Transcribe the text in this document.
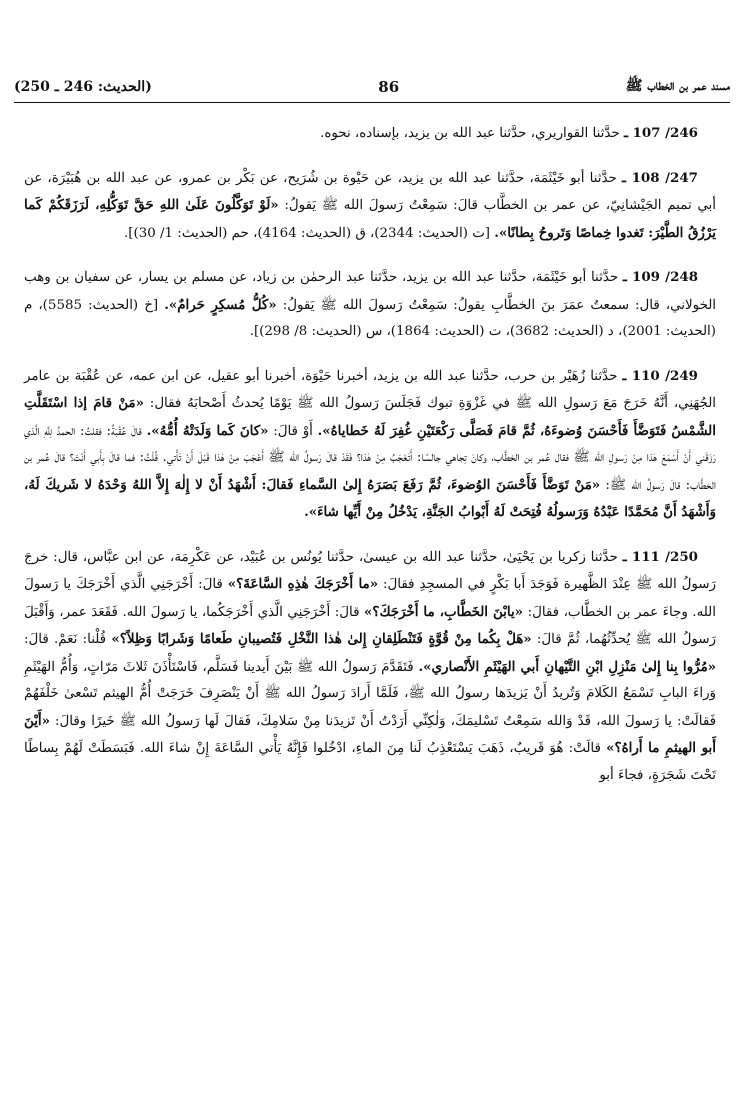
مسند عمر بن الخطاب ﷺ
86
(الحديث: 246 ـ 250)

246/ 107 ـ حدَّثنا القواريري، حدَّثنا عبد الله بن يزيد، بإسناده، نحوه.

247/ 108 ـ حدَّثنا أبو خَيْثَمَة، حدَّثنا عبد الله بن يزيد، عن حَيْوة بن شُرَيح، عن بَكْر بن عمرو، عن عبد الله بن هُبَيْرَة، عن أبي تميم الجَيْشانِيّ، عن عمر بن الخطَّاب قالَ: سَمِعْتُ رَسولَ الله ﷺ يَقولُ: «لَوْ تَوَكَّلُونَ عَلَىٰ اللهِ حَقَّ تَوَكُّلِهِ، لَرَزَقَكُمْ كَما يَرْزُقُ الطَّيْرَ: تَغدوا خِماصًا وَتَروحُ بِطانًا». [ت (الحديث: 2344)، ق (الحديث: 4164)، حم (الحديث: 1/ 30)].

248/ 109 ـ حدَّثنا أبو خَيْثَمَة، حدَّثنا عبد الله بن يزيد، حدَّثنا عبد الرحمٰن بن زياد، عن مسلم بن يسار، عن سفيان بن وهب الخولاني، قال: سمعتُ عمَرَ بنَ الخطَّابِ يقولُ: سَمِعْتُ رَسولَ الله ﷺ يَقولُ: «كُلُّ مُسكِرٍ حَرامٌ». [خ (الحديث: 5585)، م (الحديث: 2001)، د (الحديث: 3682)، ت (الحديث: 1864)، س (الحديث: 8/ 298)].

249/ 110 ـ حدَّثنا زُهَيْر بن حرب، حدَّثنا عبد الله بن يزيد، أخبرنا حَيْوَة، أخبرنا أبو عقيل، عن ابن عمه، عن عُقْبَة بن عامر الجُهَنِي، أَنَّهُ خَرَجَ مَعَ رَسولِ الله ﷺ في غَزْوَةِ تبوك فَجَلَسَ رَسولُ الله ﷺ يَوْمًا يُحدثُ أَصْحابَهُ فقال: «مَنْ قامَ إذا اسْتَقَلَّتِ الشَّمْسُ فَتَوَضَّأَ فَأَحْسَنَ وُضوءَهُ، ثُمَّ قامَ فَصَلَّى رَكْعَتَيْنِ غُفِرَ لَهُ خَطاياهُ». أَوْ قالَ: «كانَ كَما وَلَدَتْهُ أُمُّهُ». قالَ عُقْبَةُ: فقلتُ: الحمدُ لِلَّهِ الَّذي رَزَقَني أَنْ أَسْمَعَ هٰذا مِنْ رَسولِ الله ﷺ فقال عُمر بن الخطَّاب، وكانَ تِجاهي جالسًا: أَتَعْجَبُ مِنْ هٰذا؟ فَقَدْ قالَ رَسولُ الله ﷺ أَعْجَبَ مِنْ هٰذا قَبْلَ أَنْ تَأْتي. قُلْتُ: فما قالَ بِأَبي أَنْتَ؟ قالَ عُمر بن الخطَّاب: قالَ رَسولُ الله ﷺ: «مَنْ تَوَضَّأَ فَأَحْسَنَ الوُضوءَ، ثُمَّ رَفَعَ بَصَرَهُ إِلىٰ السَّماءِ فَقالَ: أَشْهَدُ أَنْ لا إِلٰهَ إِلاَّ اللهُ وَحْدَهُ لا شَريكَ لَهُ، وَأَشْهَدُ أَنَّ مُحَمَّدًا عَبْدُهُ وَرَسولُهُ فُتِحَتْ لَهُ أَبْوابُ الجَنَّةِ، يَدْخُلُ مِنْ أَيِّها شاءَ».

250/ 111 ـ حدَّثنا زكريا بن يَحْيَىٰ، حدَّثنا عبد الله بن عيسىٰ، حدَّثنا يُونُس بن عُبَيْد، عن عَكْرِمَة، عن ابن عبَّاس، قال: خرجَ رَسولُ الله ﷺ عِنْدَ الظَّهيرة فَوَجَدَ أَبا بَكْرٍ في المسجِدِ فقالَ: «ما أَخْرَجَكَ هٰذِهِ السَّاعَةَ؟» قالَ: أَخْرَجَنِي الَّذي أَخْرَجَكَ يا رَسولَ الله. وجاءَ عمر بن الخطَّاب، فقالَ: «يابْنَ الخَطَّابِ، ما أَخْرَجَكَ؟» قالَ: أَخْرَجَنِي الَّذي أَخْرَجَكُما، يا رَسولَ الله. فَقَعَدَ عمر، وَأَقْبَلَ رَسولُ الله ﷺ يُحدِّثُهُما، ثُمَّ قالَ: «هَلْ بِكُما مِنْ قُوَّةٍ فَتَنْطَلِقانِ إِلىٰ هٰذا النَّخْلِ فَتُصيبانِ طَعامًا وَشَرابًا وَظِلاً؟» قُلْنا: نَعَمْ. قالَ: «مُرُّوا بِنا إِلىٰ مَنْزِلِ ابْنِ التَّيْهانِ أَبي الهَيْثَمِ الأَنْصاري». فَتَقَدَّمَ رَسولُ الله ﷺ بَيْنَ أَيدينا فَسَلَّم، فَاسْتَأْذَنَ ثَلاثَ مَرّاتٍ، وَأُمُّ الهَيْثَمِ وَراءَ البابِ تَسْمَعُ الكَلامَ وَتُريدُ أَنْ يَزيدَها رسولُ الله ﷺ، فَلَمَّا أَرادَ رَسولُ الله ﷺ أَنْ يَنْصَرِفَ خَرَجَتْ أُمُّ الهيثم تَسْعىٰ خَلْفَهُمْ فَقالَتْ: يا رَسولَ الله، قَدْ وَالله سَمِعْتُ تَسْليمَكَ، وَلٰكِنِّي أَرَدْتُ أَنْ تَزيدَنا مِنْ سَلامِكَ، فَقالَ لَها رَسولُ الله ﷺ خَيرًا وقالَ: «أَيْنَ أَبو الهيثمِ ما أَراهُ؟» قالَتْ: هُوَ قَريبٌ، ذَهَبَ يَسْتَعْذِبُ لَنا مِنَ الماءِ، ادْخُلوا فَإِنَّهُ يَأْتي السَّاعَةَ إِنْ شاءَ الله. فَبَسَطَتْ لَهُمْ بِساطًا تَحْتَ شَجَرَةٍ، فجاءَ أبو
